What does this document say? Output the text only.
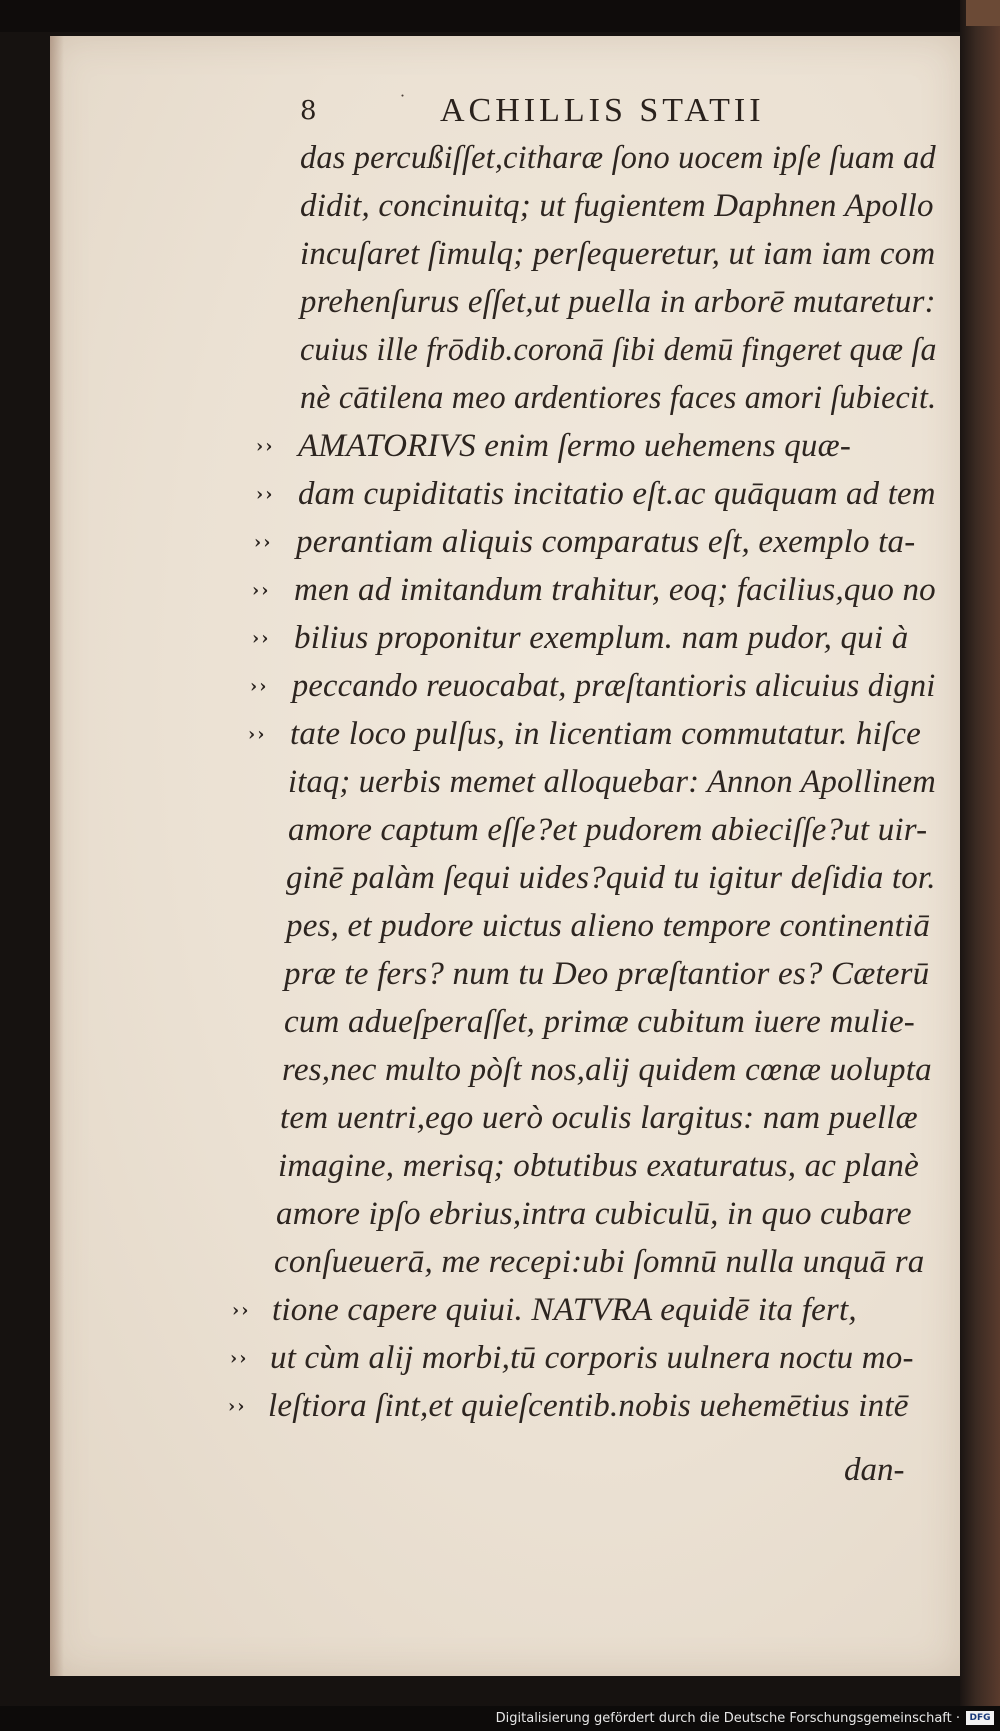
8	˙ ACHILLIS STATII
das percußiſſet,citharæ ſono uocem ipſe ſuam ad
didit, concinuitq; ut fugientem Daphnen Apollo
incuſaret ſimulq; perſequeretur, ut iam iam com
prehenſurus eſſet,ut puella in arborē mutaretur:
cuius ille frōdib.coronā ſibi demū fingeret quæ ſa
nè cātilena meo ardentiores faces amori ſubiecit.
›› AMATORIVS enim ſermo uehemens quæ-
›› dam cupiditatis incitatio eſt.ac quāquam ad tem
›› perantiam aliquis comparatus eſt, exemplo ta-
›› men ad imitandum trahitur, eoq; facilius,quo no
›› bilius proponitur exemplum. nam pudor, qui à
›› peccando reuocabat, præſtantioris alicuius digni
›› tate loco pulſus, in licentiam commutatur. hiſce
itaq; uerbis memet alloquebar: Annon Apollinem
amore captum eſſe?et pudorem abieciſſe?ut uir-
ginē palàm ſequi uides?quid tu igitur deſidia tor.
pes, et pudore uictus alieno tempore continentiā
præ te fers? num tu Deo præſtantior es? Cæterū
cum adueſperaſſet, primæ cubitum iuere mulie-
res,nec multo pòſt nos,alij quidem cœnæ uolupta
tem uentri,ego uerò oculis largitus: nam puellæ
imagine, merisq; obtutibus exaturatus, ac planè
amore ipſo ebrius,intra cubiculū, in quo cubare
conſueuerā, me recepi:ubi ſomnū nulla unquā ra
›› tione capere quiui. NATVRA equidē ita fert,
›› ut cùm alij morbi,tū corporis uulnera noctu mo-
›› leſtiora ſint,et quieſcentib.nobis uehemētius intē
dan-
Digitalisierung gefördert durch die Deutsche Forschungsgemeinschaft ·	DFG
